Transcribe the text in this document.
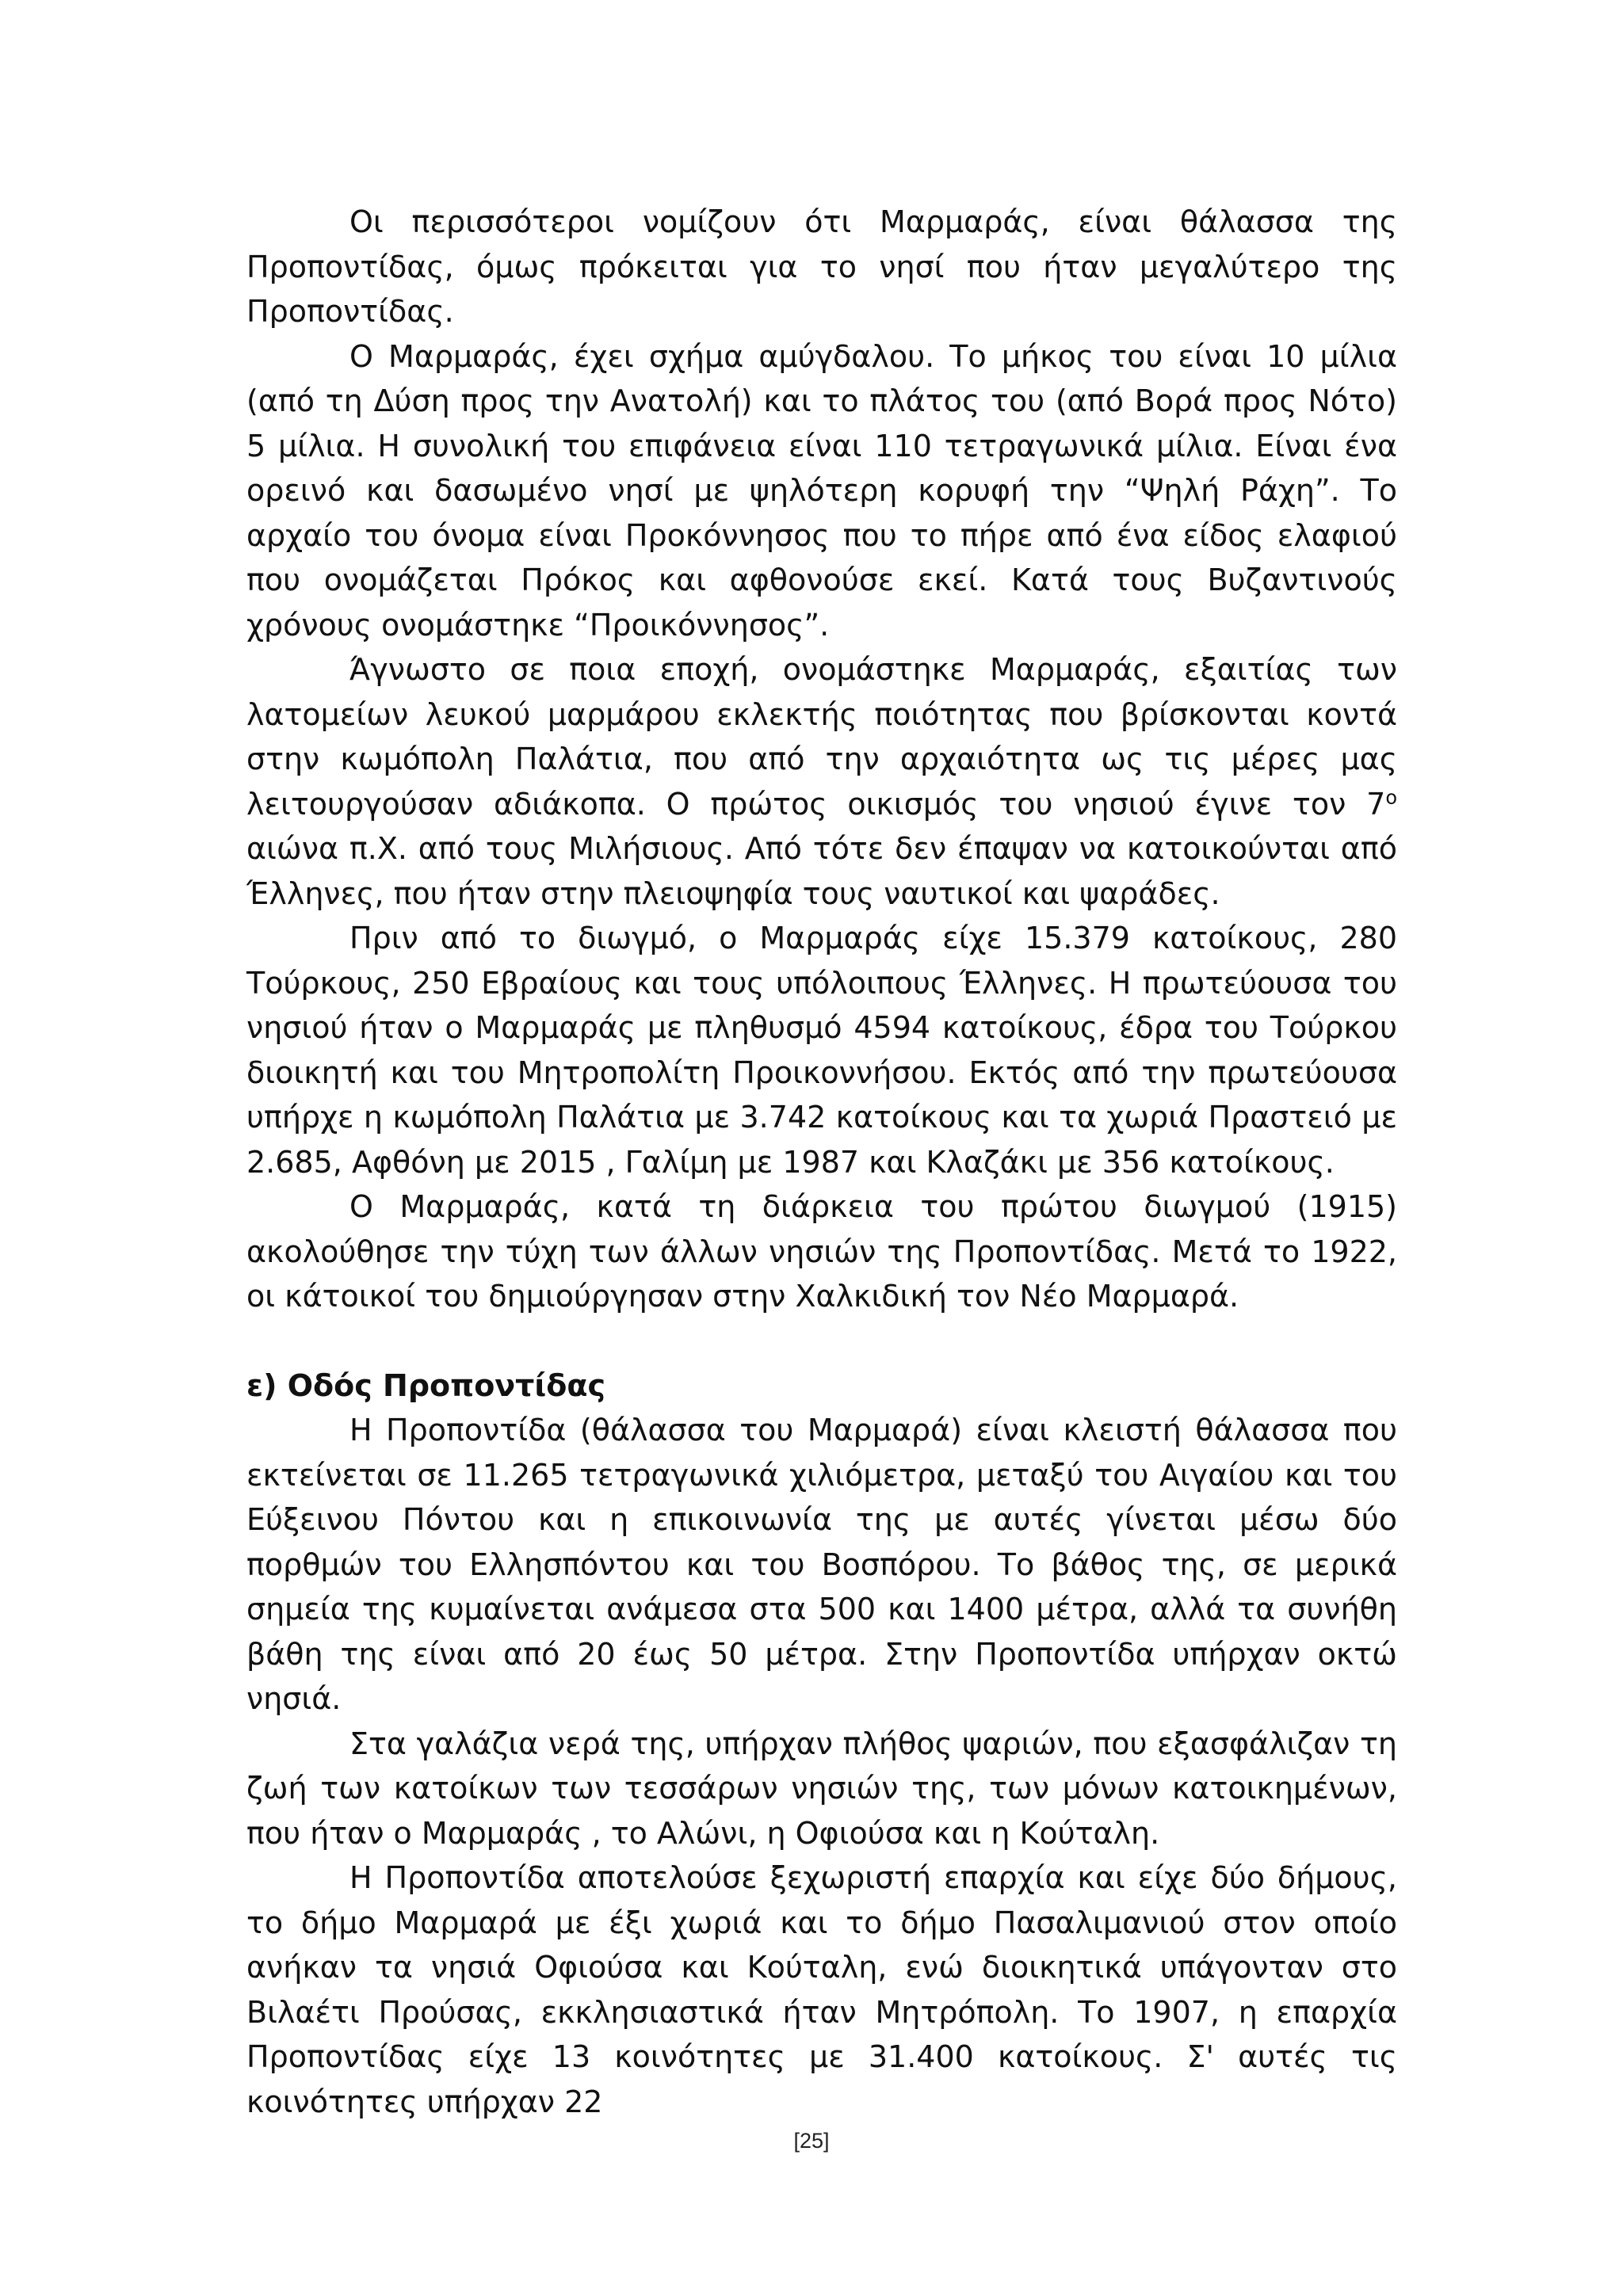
Οι περισσότεροι νομίζουν ότι Μαρμαράς, είναι θάλασσα της Προποντίδας, όμως πρόκειται για το νησί που ήταν μεγαλύτερο της Προποντίδας.

Ο Μαρμαράς, έχει σχήμα αμύγδαλου. Το μήκος του είναι 10 μίλια (από τη Δύση προς την Ανατολή) και το πλάτος του (από Βορά προς Νότο) 5 μίλια. Η συνολική του επιφάνεια είναι 110 τετραγωνικά μίλια. Είναι ένα ορεινό και δασωμένο νησί με ψηλότερη κορυφή την “Ψηλή Ράχη”. Το αρχαίο του όνομα είναι Προκόννησος που το πήρε από ένα είδος ελαφιού που ονομάζεται Πρόκος και αφθονούσε εκεί. Κατά τους Βυζαντινούς χρόνους ονομάστηκε “Προικόννησος”.

Άγνωστο σε ποια εποχή, ονομάστηκε Μαρμαράς, εξαιτίας των λατομείων λευκού μαρμάρου εκλεκτής ποιότητας που βρίσκονται κοντά στην κωμόπολη Παλάτια, που από την αρχαιότητα ως τις μέρες μας λειτουργούσαν αδιάκοπα. Ο πρώτος οικισμός του νησιού έγινε τον $7^o$ αιώνα π.Χ. από τους Μιλήσιους. Από τότε δεν έπαψαν να κατοικούνται από Έλληνες, που ήταν στην πλειοψηφία τους ναυτικοί και ψαράδες.

Πριν από το διωγμό, ο Μαρμαράς είχε 15.379 κατοίκους, 280 Τούρκους, 250 Εβραίους και τους υπόλοιπους Έλληνες. Η πρωτεύουσα του νησιού ήταν ο Μαρμαράς με πληθυσμό 4594 κατοίκους, έδρα του Τούρκου διοικητή και του Μητροπολίτη Προικοννήσου. Εκτός από την πρωτεύουσα υπήρχε η κωμόπολη Παλάτια με 3.742 κατοίκους και τα χωριά Πραστειό με 2.685, Αφθόνη με 2015 , Γαλίμη με 1987 και Κλαζάκι με 356 κατοίκους.

Ο Μαρμαράς, κατά τη διάρκεια του πρώτου διωγμού (1915) ακολούθησε την τύχη των άλλων νησιών της Προποντίδας. Μετά το 1922, οι κάτοικοί του δημιούργησαν στην Χαλκιδική τον Νέο Μαρμαρά.

ε) Οδός Προποντίδας

Η Προποντίδα (θάλασσα του Μαρμαρά) είναι κλειστή θάλασσα που εκτείνεται σε 11.265 τετραγωνικά χιλιόμετρα, μεταξύ του Αιγαίου και του Εύξεινου Πόντου και η επικοινωνία της με αυτές γίνεται μέσω δύο πορθμών του Ελλησπόντου και του Βοσπόρου. Το βάθος της, σε μερικά σημεία της κυμαίνεται ανάμεσα στα 500 και 1400 μέτρα, αλλά τα συνήθη βάθη της είναι από 20 έως 50 μέτρα. Στην Προποντίδα υπήρχαν οκτώ νησιά.

Στα γαλάζια νερά της, υπήρχαν πλήθος ψαριών, που εξασφάλιζαν τη ζωή των κατοίκων των τεσσάρων νησιών της, των μόνων κατοικημένων, που ήταν ο Μαρμαράς , το Αλώνι, η Οφιούσα και η Κούταλη.

Η Προποντίδα αποτελούσε ξεχωριστή επαρχία και είχε δύο δήμους, το δήμο Μαρμαρά με έξι χωριά και το δήμο Πασαλιμανιού στον οποίο ανήκαν τα νησιά Οφιούσα και Κούταλη, ενώ διοικητικά υπάγονταν στο Βιλαέτι Προύσας, εκκλησιαστικά ήταν Μητρόπολη. Το 1907, η επαρχία Προποντίδας είχε 13 κοινότητες με 31.400 κατοίκους. Σ' αυτές τις κοινότητες υπήρχαν 22

[25]
